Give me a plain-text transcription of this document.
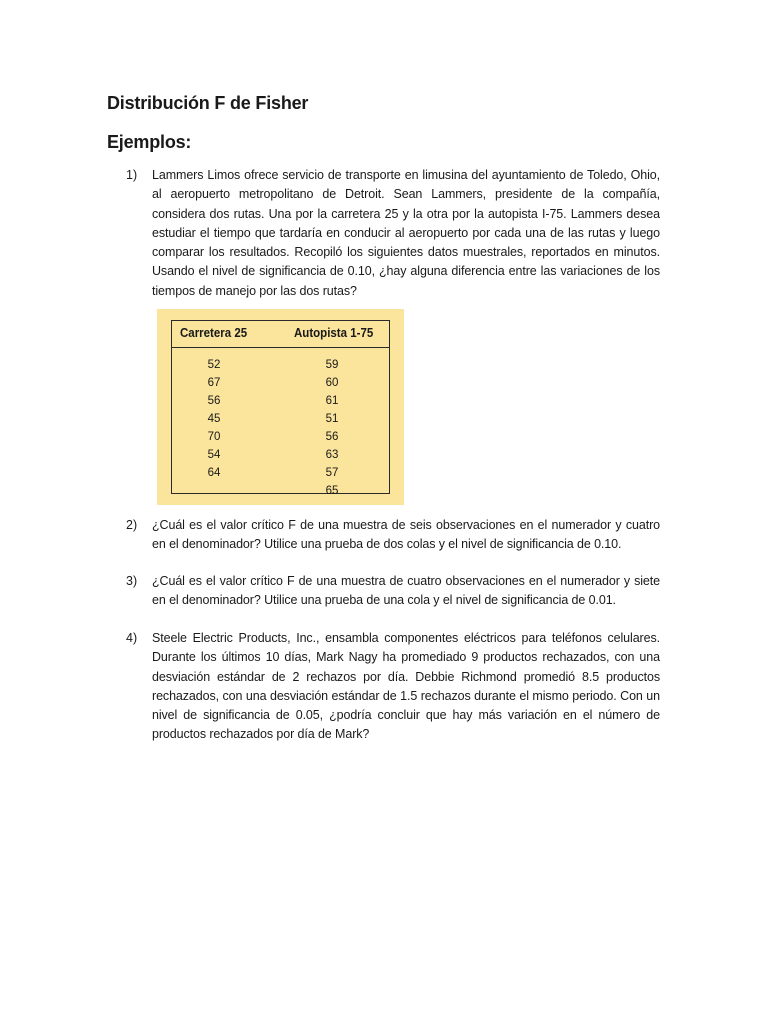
Distribución F de Fisher
Ejemplos:
1) Lammers Limos ofrece servicio de transporte en limusina del ayuntamiento de Toledo, Ohio, al aeropuerto metropolitano de Detroit. Sean Lammers, presidente de la compañía, considera dos rutas. Una por la carretera 25 y la otra por la autopista I-75. Lammers desea estudiar el tiempo que tardaría en conducir al aeropuerto por cada una de las rutas y luego comparar los resultados. Recopiló los siguientes datos muestrales, reportados en minutos. Usando el nivel de significancia de 0.10, ¿hay alguna diferencia entre las variaciones de los tiempos de manejo por las dos rutas?

Carretera 25	Autopista 1-75
52
67
56
45
70
54
64
59
60
61
51
56
63
57
65
2) ¿Cuál es el valor crítico F de una muestra de seis observaciones en el numerador y cuatro en el denominador? Utilice una prueba de dos colas y el nivel de significancia de 0.10.

3) ¿Cuál es el valor crítico F de una muestra de cuatro observaciones en el numerador y siete en el denominador? Utilice una prueba de una cola y el nivel de significancia de 0.01.

4) Steele Electric Products, Inc., ensambla componentes eléctricos para teléfonos celulares. Durante los últimos 10 días, Mark Nagy ha promediado 9 productos rechazados, con una desviación estándar de 2 rechazos por día. Debbie Richmond promedió 8.5 productos rechazados, con una desviación estándar de 1.5 rechazos durante el mismo periodo. Con un nivel de significancia de 0.05, ¿podría concluir que hay más variación en el número de productos rechazados por día de Mark?
